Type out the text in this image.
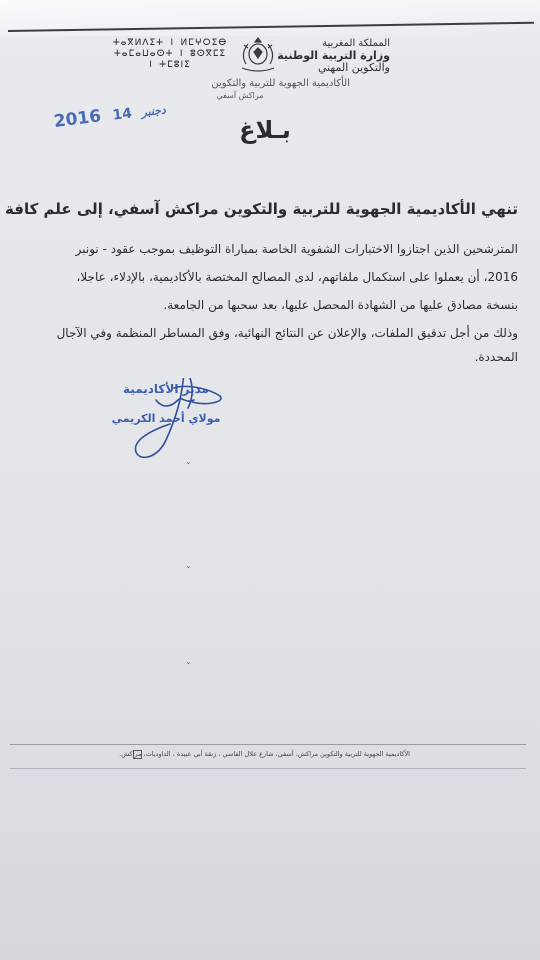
المملكة المغربية
وزارة التربية الوطنية
والتكوين المهني
الأكاديمية الجهوية للتربية والتكوين
مراكش آسفي
ⵜⴰⴳⵍⴷⵉⵜ ⵏ ⵍⵎⵖⵔⵉⴱ
ⵜⴰⵎⴰⵡⴰⵙⵜ ⵏ ⵓⵙⴳⵎⵉ
ⵏ ⵜⵎⵓⵏⵉ
2016	دجنبر 14
بـلاغ
تنهي الأكاديمية الجهوية للتربية والتكوين مراكش آسفي، إلى علم كافة
المترشحين الذين اجتازوا الاختبارات الشفوية الخاصة بمباراة التوظيف بموجب عقود - نونبر
2016، أن يعملوا على استكمال ملفاتهم، لدى المصالح المختصة بالأكاديمية، بالإدلاء، عاجلا،
بنسخة مصادق عليها من الشهادة المحصل عليها، بعد سحبها من الجامعة.
وذلك من أجل تدقيق الملفات، والإعلان عن النتائج النهائية، وفق المساطر المنظمة وفي الآجال
المحددة.
مدير الأكاديمية
مولاي أحمد الكريمي
ˇ
ˇ
ˇ
الأكاديمية الجهوية للتربية والتكوين مراكش، آسفي، شارع علال الفاسي ، زنقة أبي عبيدة ، الداوديات، مراكش.
